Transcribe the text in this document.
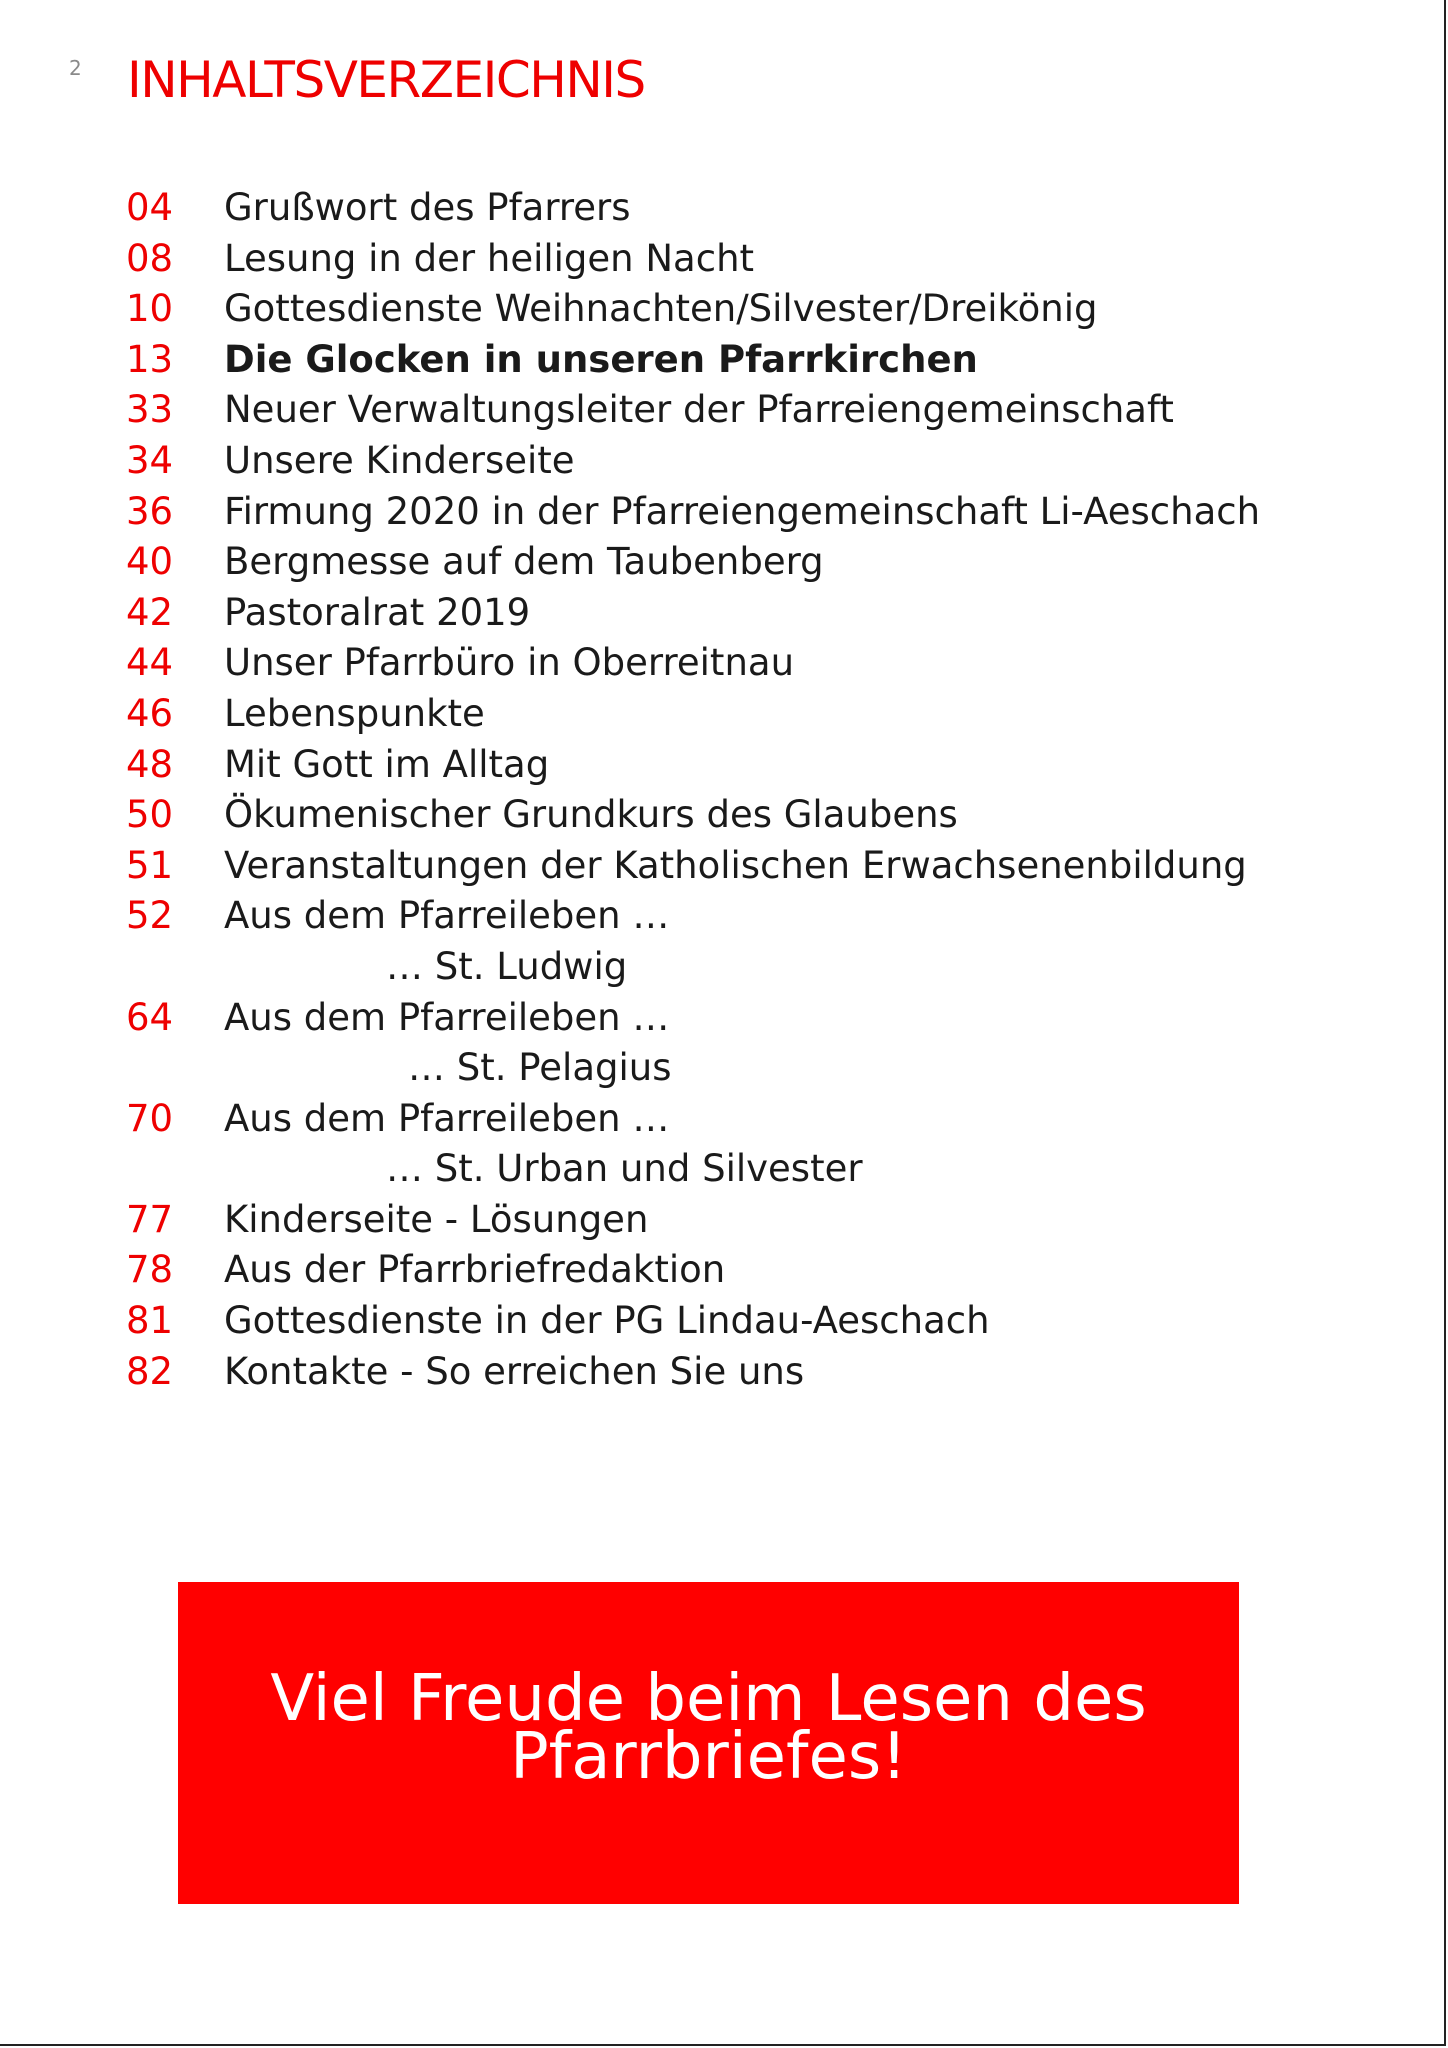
2 INHALTSVERZEICHNIS
04 Grußwort des Pfarrers
08 Lesung in der heiligen Nacht
10 Gottesdienste Weihnachten/Silvester/Dreikönig
13 Die Glocken in unseren Pfarrkirchen
33 Neuer Verwaltungsleiter der Pfarreiengemeinschaft
34 Unsere Kinderseite
36 Firmung 2020 in der Pfarreiengemeinschaft Li-Aeschach
40 Bergmesse auf dem Taubenberg
42 Pastoralrat 2019
44 Unser Pfarrbüro in Oberreitnau
46 Lebenspunkte
48 Mit Gott im Alltag
50 Ökumenischer Grundkurs des Glaubens
51 Veranstaltungen der Katholischen Erwachsenenbildung
52 Aus dem Pfarreileben …
… St. Ludwig
64 Aus dem Pfarreileben …
… St. Pelagius
70 Aus dem Pfarreileben …
… St. Urban und Silvester
77 Kinderseite - Lösungen
78 Aus der Pfarrbriefredaktion
81 Gottesdienste in der PG Lindau-Aeschach
82 Kontakte - So erreichen Sie uns

Viel Freude beim Lesen des
Pfarrbriefes!
